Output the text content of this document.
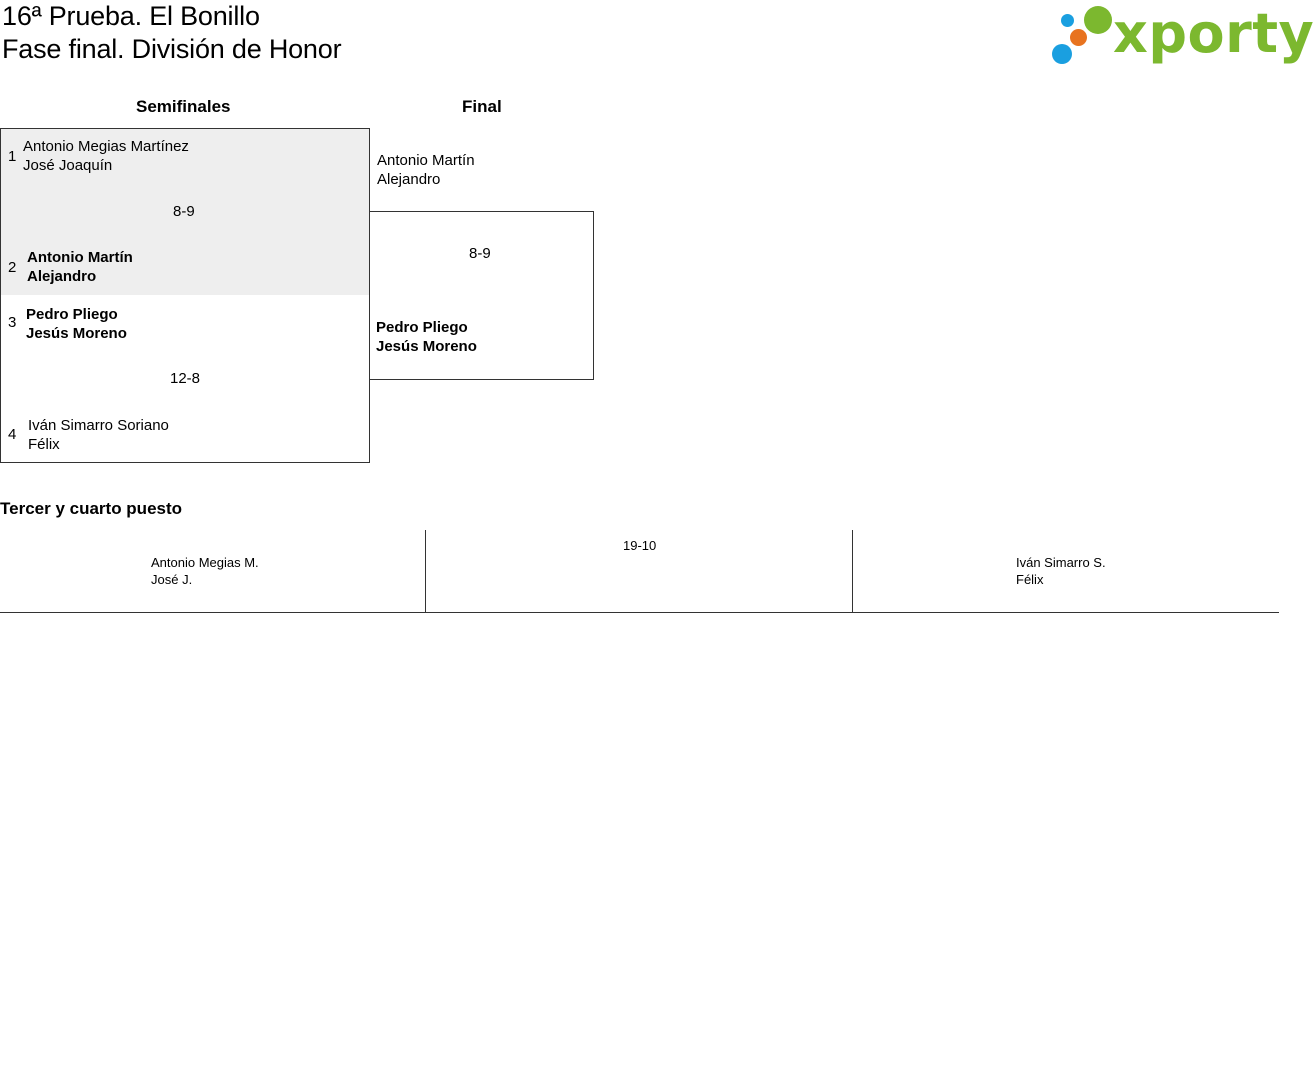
16ª Prueba. El Bonillo
Fase final. División de Honor	xporty
Semifinales	Final
1
Antonio Megias Martínez
José Joaquín
8-9
2
Antonio Martín
Alejandro
3 Pedro Pliego
Jesús Moreno
12-8
4
Iván Simarro Soriano
Félix
Antonio Martín
Alejandro
8-9
Pedro Pliego
Jesús Moreno
Tercer y cuarto puesto
Antonio Megias M.
José J.
19-10
Iván Simarro S.
Félix
